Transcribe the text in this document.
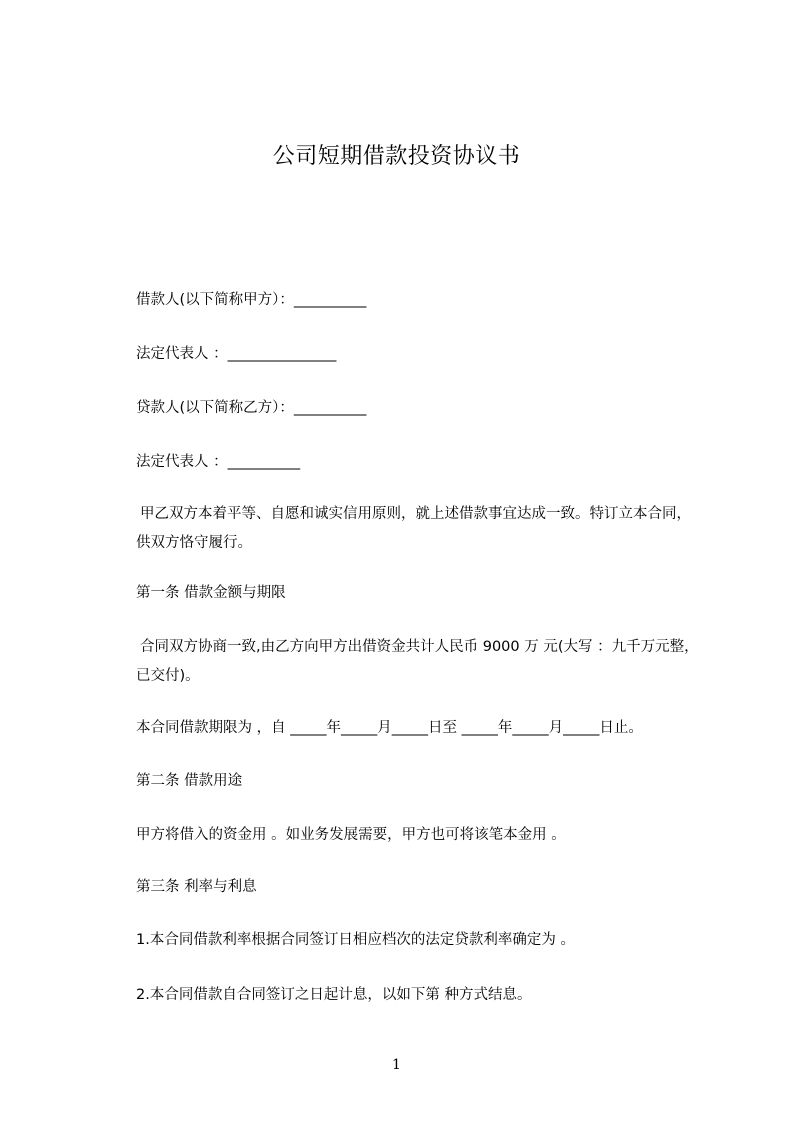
公司短期借款投资协议书
借款人(以下简称甲方）：__________
法定代表人 ：_______________
贷款人(以下简称乙方）：__________
法定代表人 ：__________
甲乙双方本着平等、自愿和诚实信用原则，就上述借款事宜达成一致。特订立本合同，供双方恪守履行。
第一条 借款金额与期限
合同双方协商一致,由乙方向甲方出借资金共计人民币 9000 万 元(大写 ：九千万元整，已交付)。
本合同借款期限为 ，自 _____年_____月_____日至 _____年_____月_____日止。
第二条 借款用途
甲方将借入的资金用 。如业务发展需要，甲方也可将该笔本金用 。
第三条 利率与利息
1.本合同借款利率根据合同签订日相应档次的法定贷款利率确定为 。
2.本合同借款自合同签订之日起计息，以如下第 种方式结息。
1
